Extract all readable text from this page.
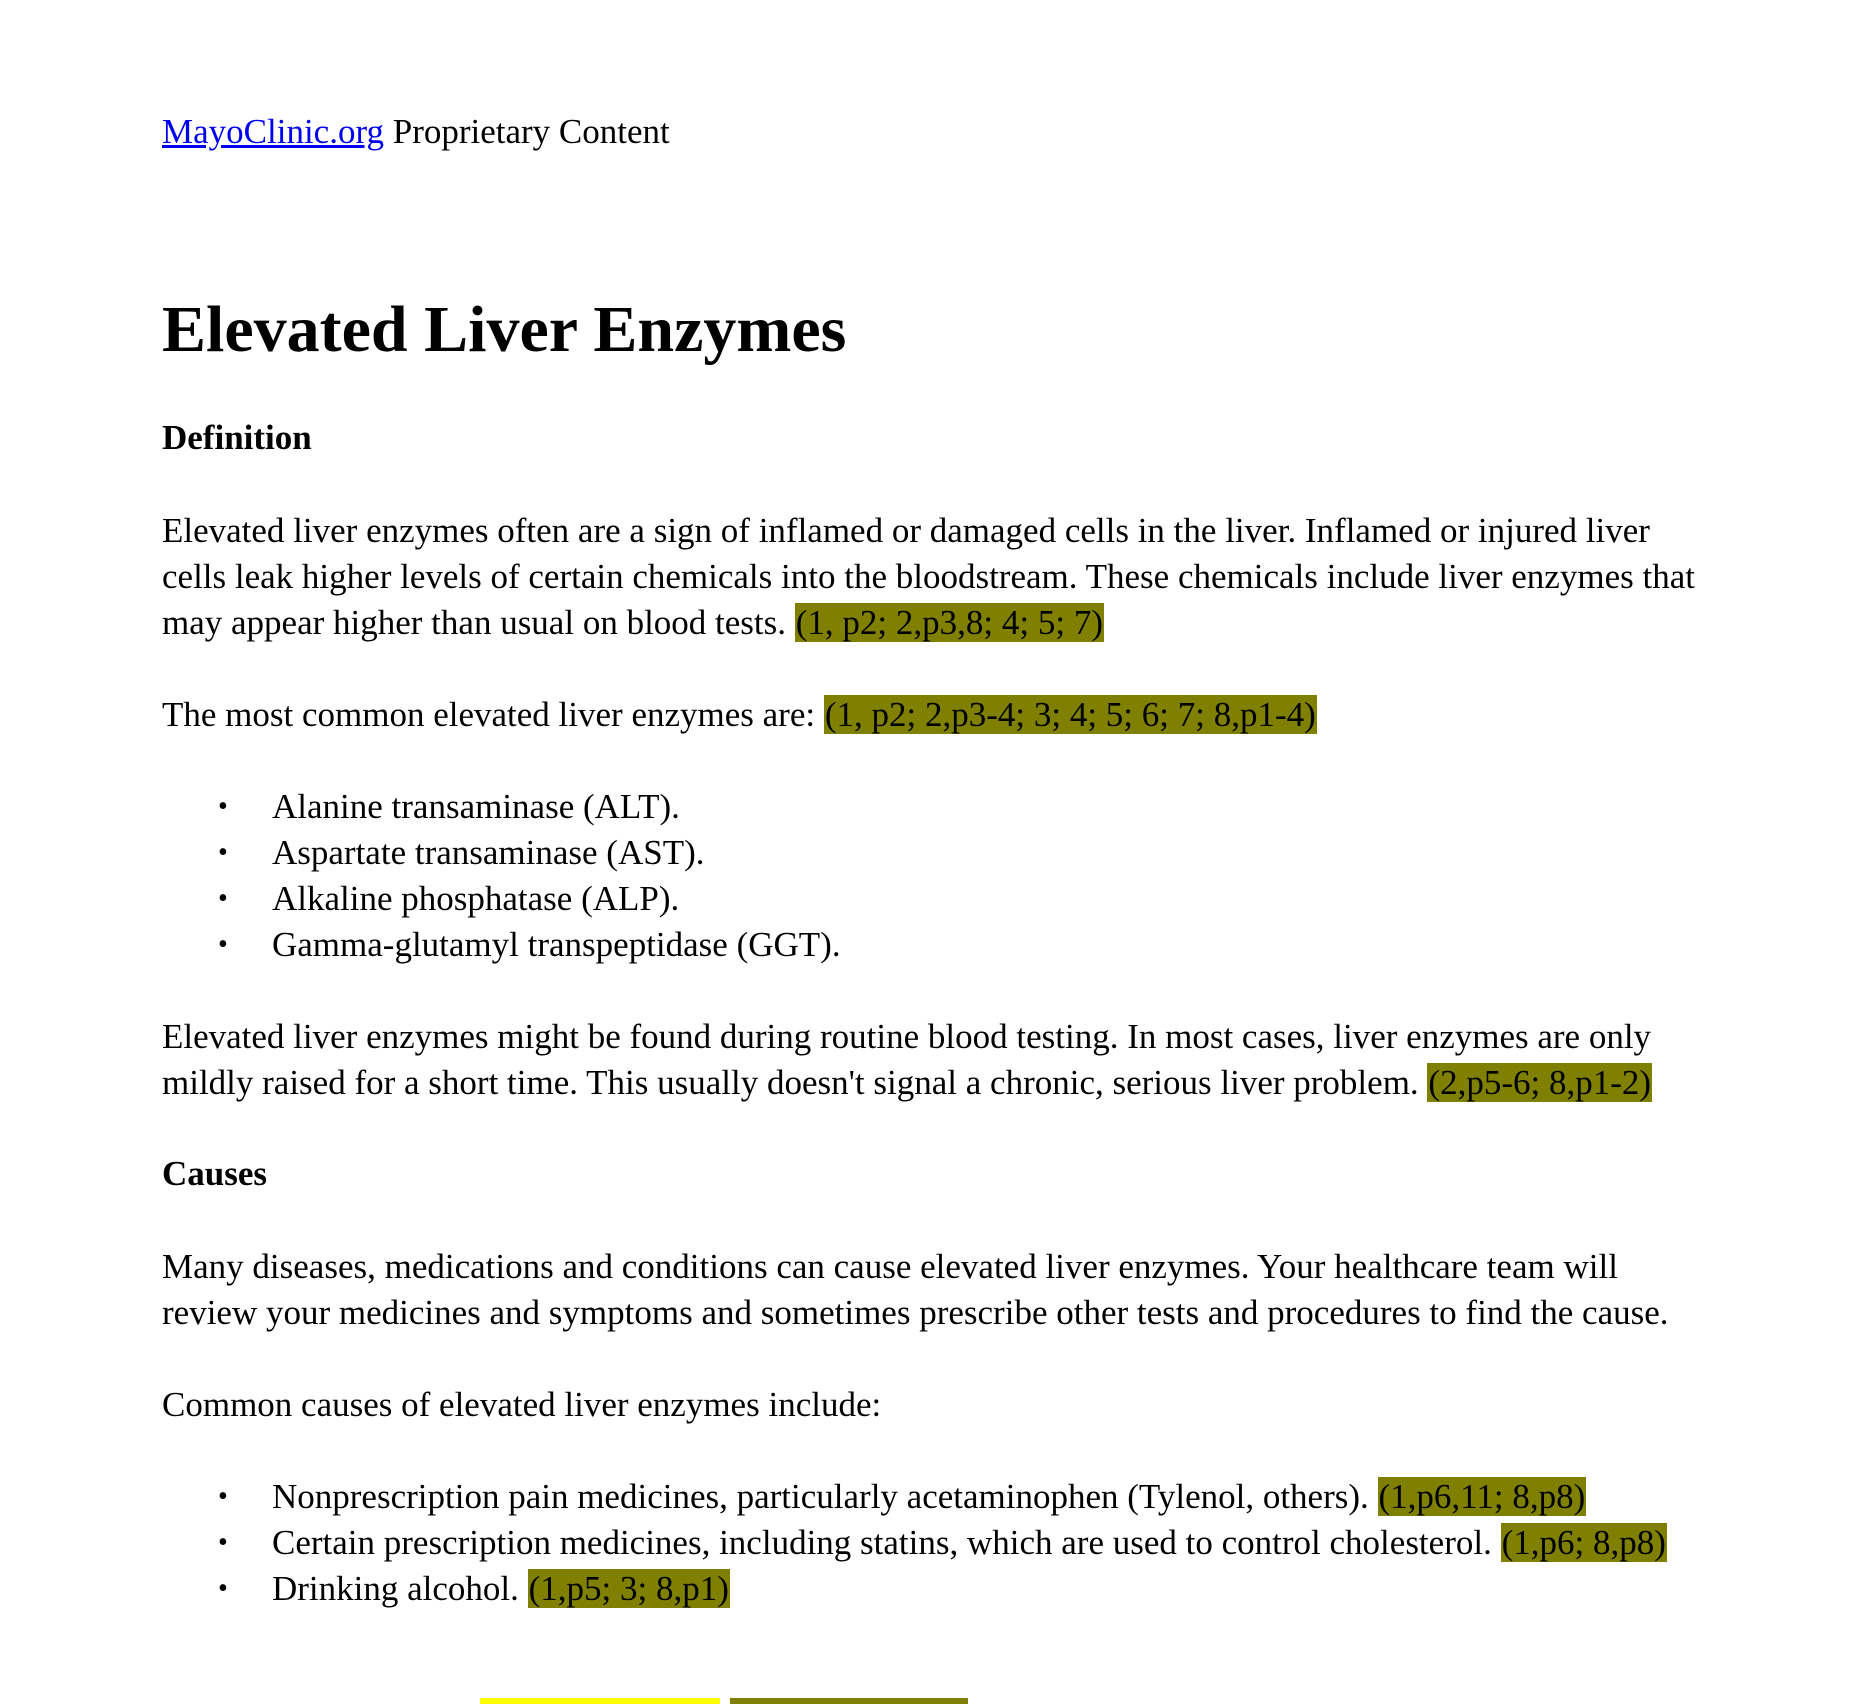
MayoClinic.org Proprietary Content

Elevated Liver Enzymes
Definition

Elevated liver enzymes often are a sign of inflamed or damaged cells in the liver. Inflamed or injured liver cells leak higher levels of certain chemicals into the bloodstream. These chemicals include liver enzymes that may appear higher than usual on blood tests. (1, p2; 2,p3,8; 4; 5; 7)

The most common elevated liver enzymes are: (1, p2; 2,p3-4; 3; 4; 5; 6; 7; 8,p1-4)

• Alanine transaminase (ALT).
• Aspartate transaminase (AST).
• Alkaline phosphatase (ALP).
• Gamma-glutamyl transpeptidase (GGT).

Elevated liver enzymes might be found during routine blood testing. In most cases, liver enzymes are only mildly raised for a short time. This usually doesn't signal a chronic, serious liver problem. (2,p5-6; 8,p1-2)

Causes

Many diseases, medications and conditions can cause elevated liver enzymes. Your healthcare team will review your medicines and symptoms and sometimes prescribe other tests and procedures to find the cause.

Common causes of elevated liver enzymes include:

• Nonprescription pain medicines, particularly acetaminophen (Tylenol, others). (1,p6,11; 8,p8)
• Certain prescription medicines, including statins, which are used to control cholesterol. (1,p6; 8,p8)
• Drinking alcohol. (1,p5; 3; 8,p1)
